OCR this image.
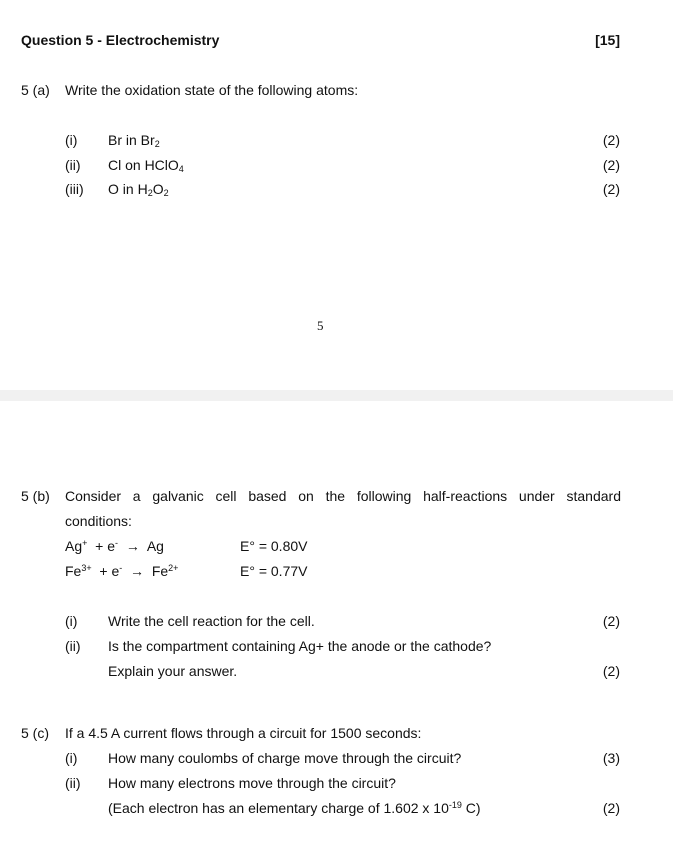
Question 5 - Electrochemistry	[15]
5 (a) Write the oxidation state of the following atoms:
(i) Br in $Br_2$	(2)
(ii) Cl on HClO$_4$	(2)
(iii) O in $H_2O_2$	(2)
5
5 (b) Consider a galvanic cell based on the following half-reactions under standard
conditions:
Ag+  + e- → Ag	E° = 0.80V
$Fe^{3+} + e^- \to Fe^{2+}$	E° = 0.77V
(i) Write the cell reaction for the cell.	(2)
(ii) Is the compartment containing Ag+ the anode or the cathode?
Explain your answer.	(2)
5 (c) If a 4.5 A current flows through a circuit for 1500 seconds:
(i) How many coulombs of charge move through the circuit?	(3)
(ii) How many electrons move through the circuit?
(Each electron has an elementary charge of 1.602 x $10^{-19}$ C)	(2)
